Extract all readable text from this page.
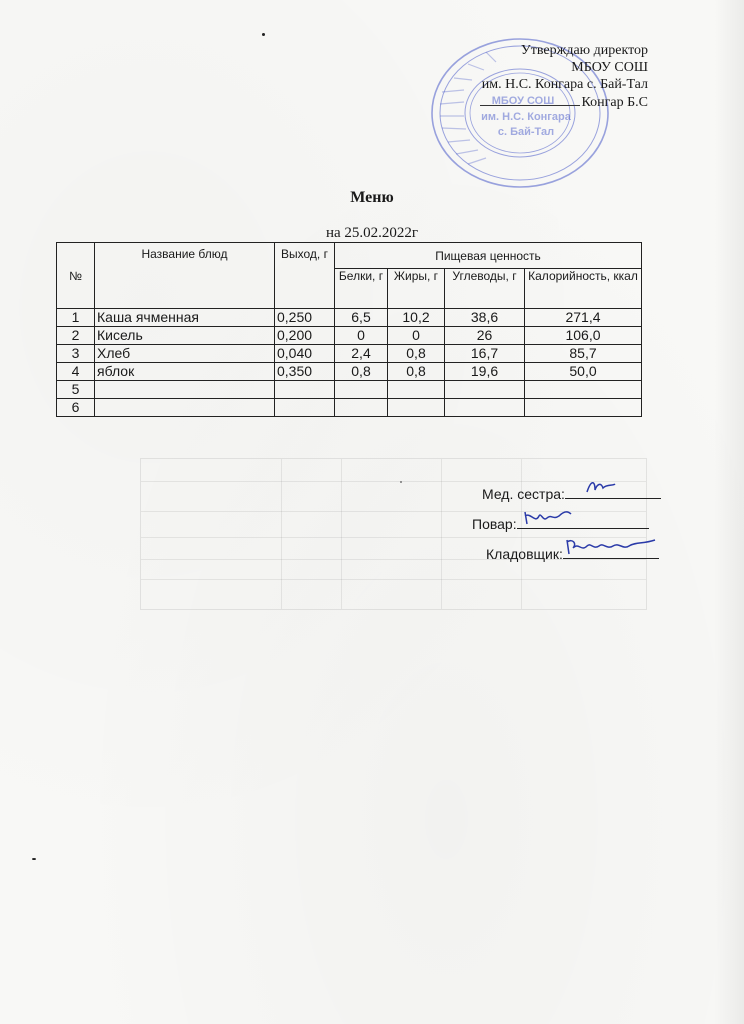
МБОУ СОШ
им. Н.С. Конгара
с. Бай-Тал
Утверждаю директор
МБОУ СОШ
им. Н.С. Конгара с. Бай-Тал
Конгар Б.С
Меню
на 25.02.2022г
№	Название блюд	Выход, г	Пищевая ценность			
			Белки, г	Жиры, г	Углеводы, г	Калорийность, ккал
1	Каша ячменная	0,250	6,5	10,2	38,6	271,4
2	Кисель	0,200	0	0	26	106,0
3	Хлеб	0,040	2,4	0,8	16,7	85,7
4	яблок	0,350	0,8	0,8	19,6	50,0
5						
6						
Мед. сестра:
Повар:
Кладовщик:
